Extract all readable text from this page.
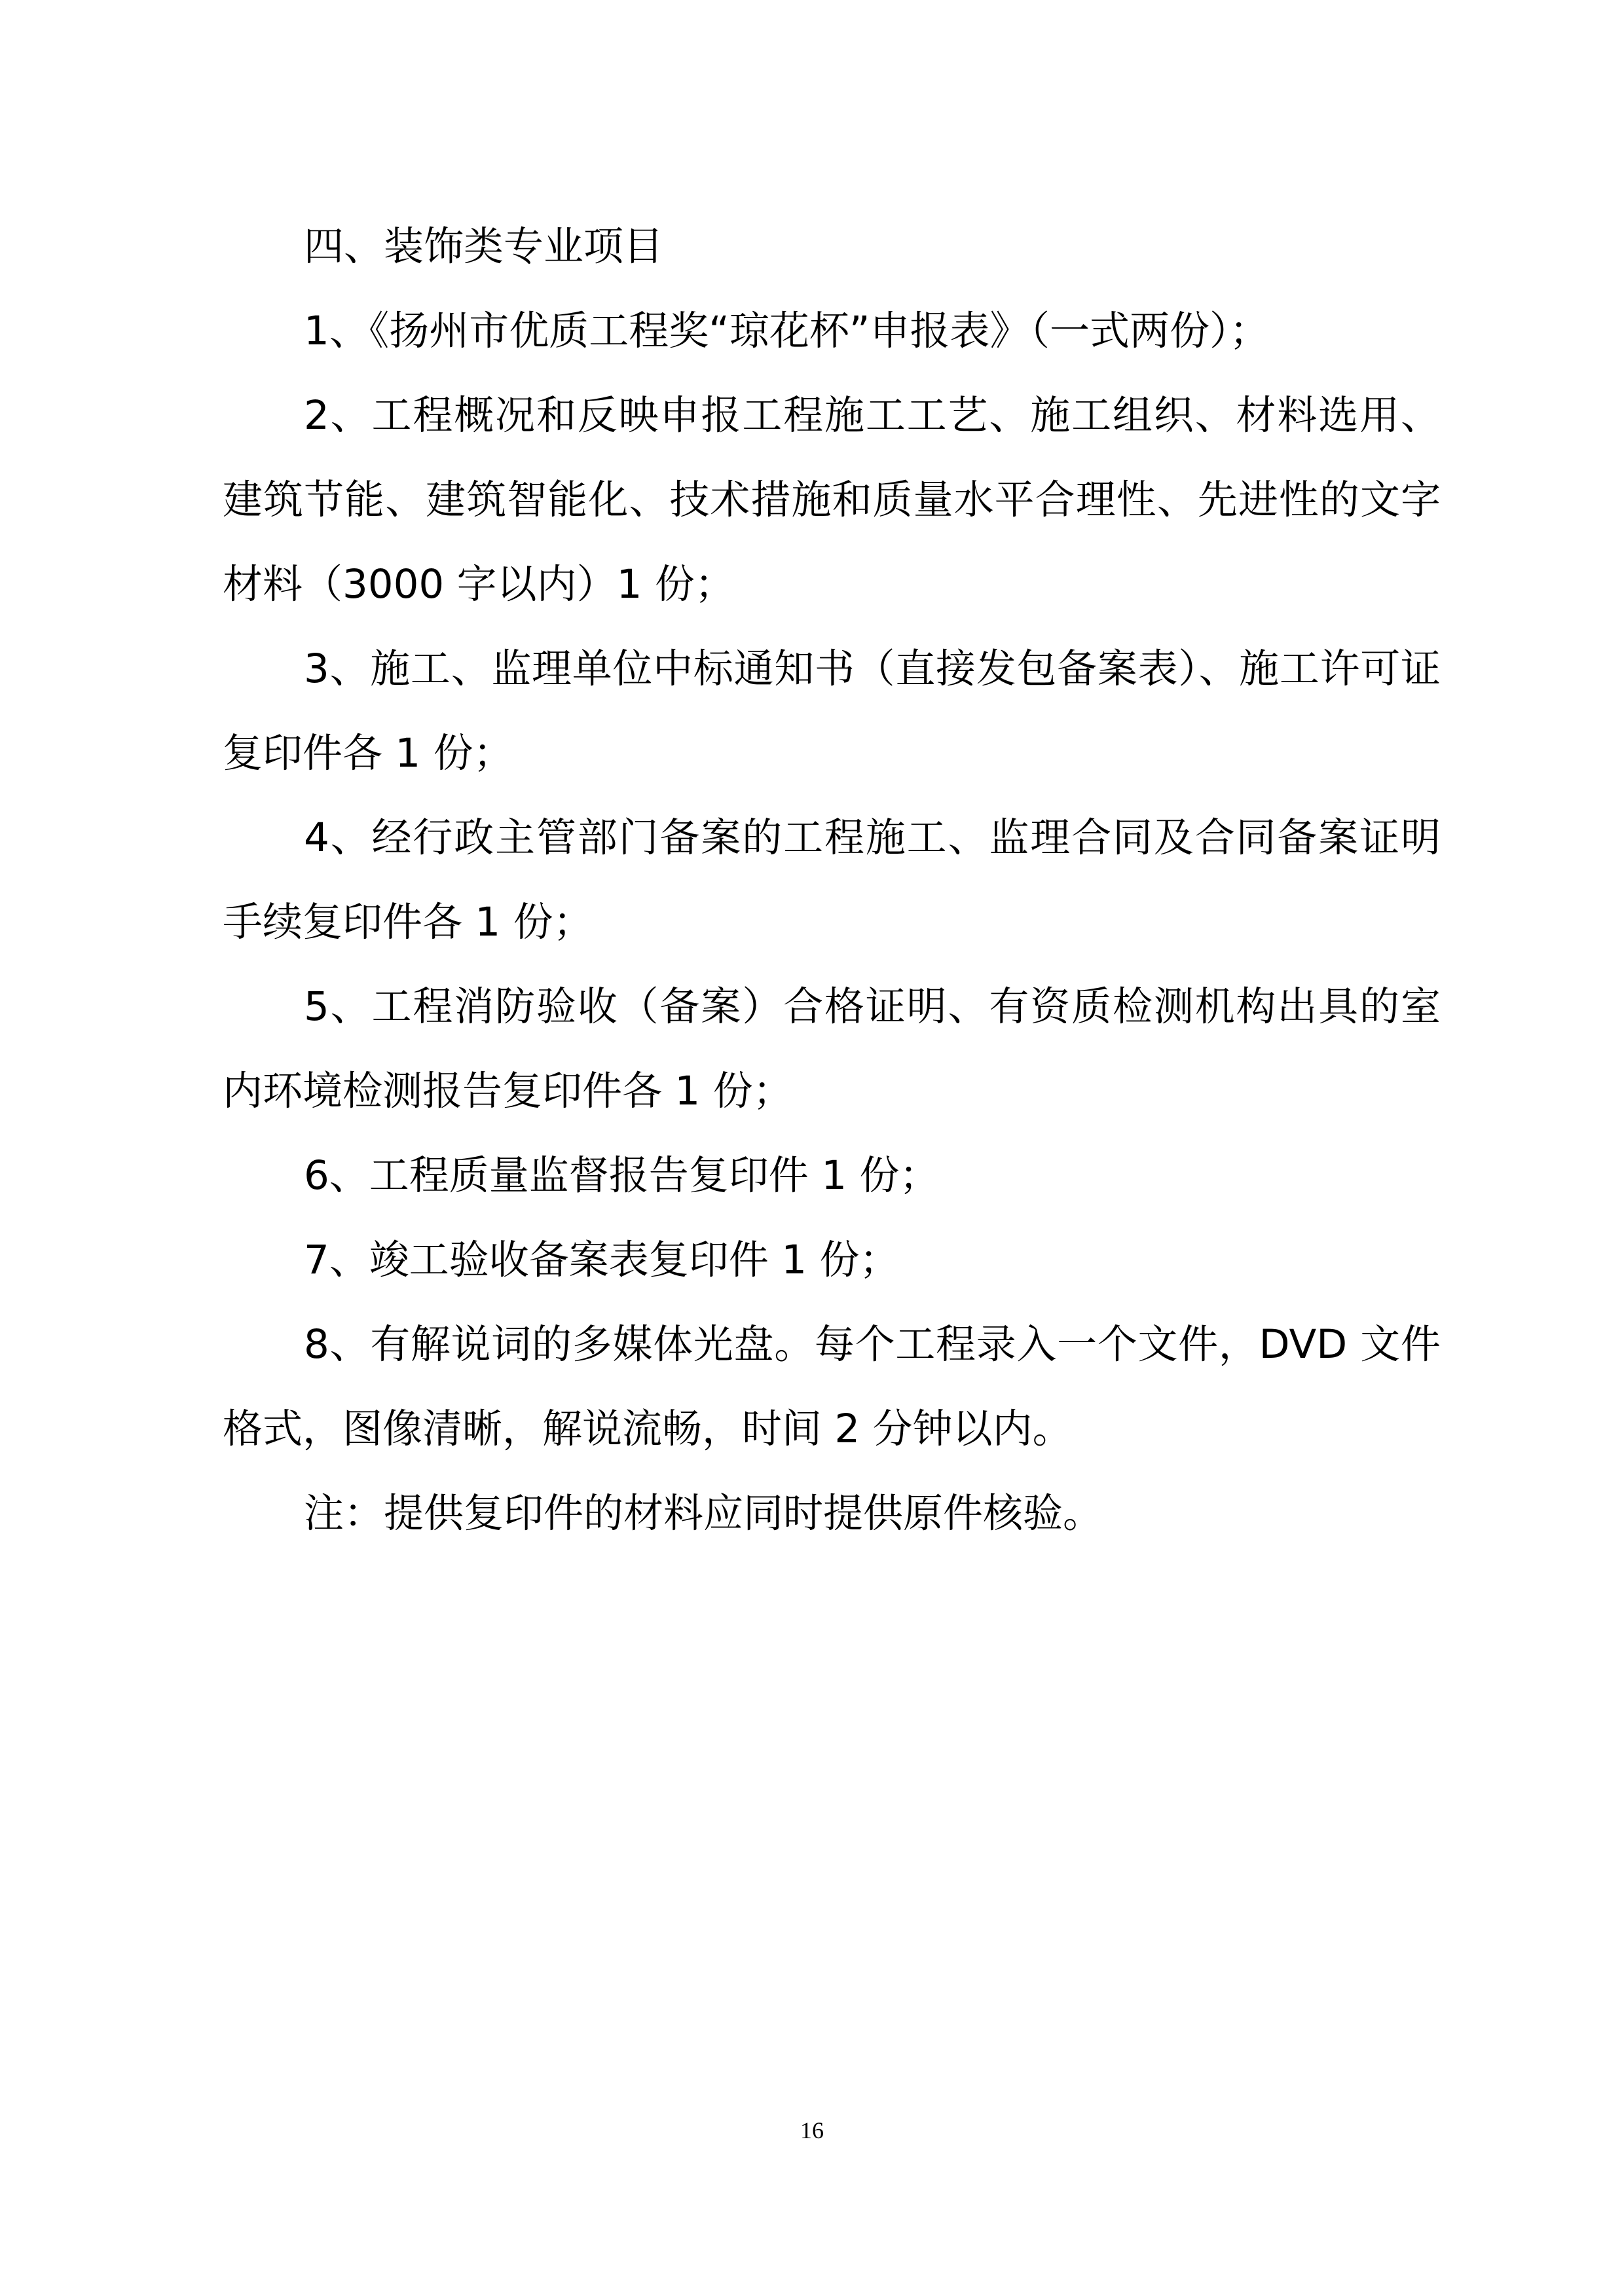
四、装饰类专业项目

1、《扬州市优质工程奖“琼花杯”申报表》（一式两份）；

2、工程概况和反映申报工程施工工艺、施工组织、材料选用、建筑节能、建筑智能化、技术措施和质量水平合理性、先进性的文字材料（3000 字以内）1 份；

3、施工、监理单位中标通知书（直接发包备案表）、施工许可证复印件各 1 份；

4、经行政主管部门备案的工程施工、监理合同及合同备案证明手续复印件各 1 份；

5、工程消防验收（备案）合格证明、有资质检测机构出具的室内环境检测报告复印件各 1 份；

6、工程质量监督报告复印件 1 份；

7、竣工验收备案表复印件 1 份；

8、有解说词的多媒体光盘。每个工程录入一个文件，DVD 文件格式，图像清晰，解说流畅，时间 2 分钟以内。

注：提供复印件的材料应同时提供原件核验。

16
